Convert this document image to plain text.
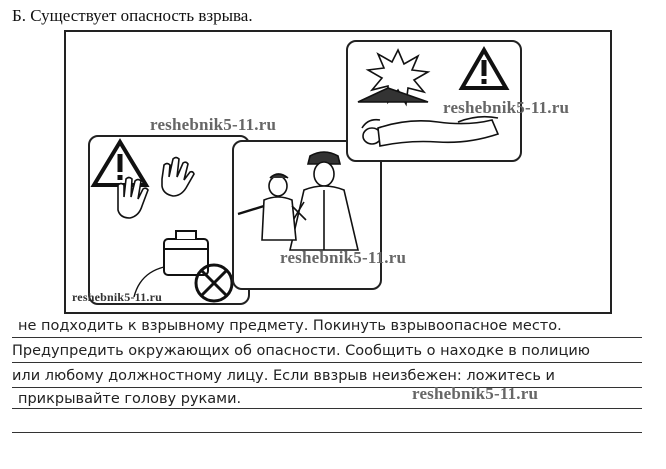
Б. Существует опасность взрыва.
reshebnik5-11.ru
reshebnik5-11.ru
reshebnik5-11.ru
reshebnik5-11.ru
не подходить к взрывному предмету. Покинуть взрывоопасное место.
Предупредить окружающих об опасности. Сообщить о находке в полицию
или любому должностному лицу. Если ввзрыв неизбежен: ложитесь и
прикрывайте голову руками.	reshebnik5-11.ru
